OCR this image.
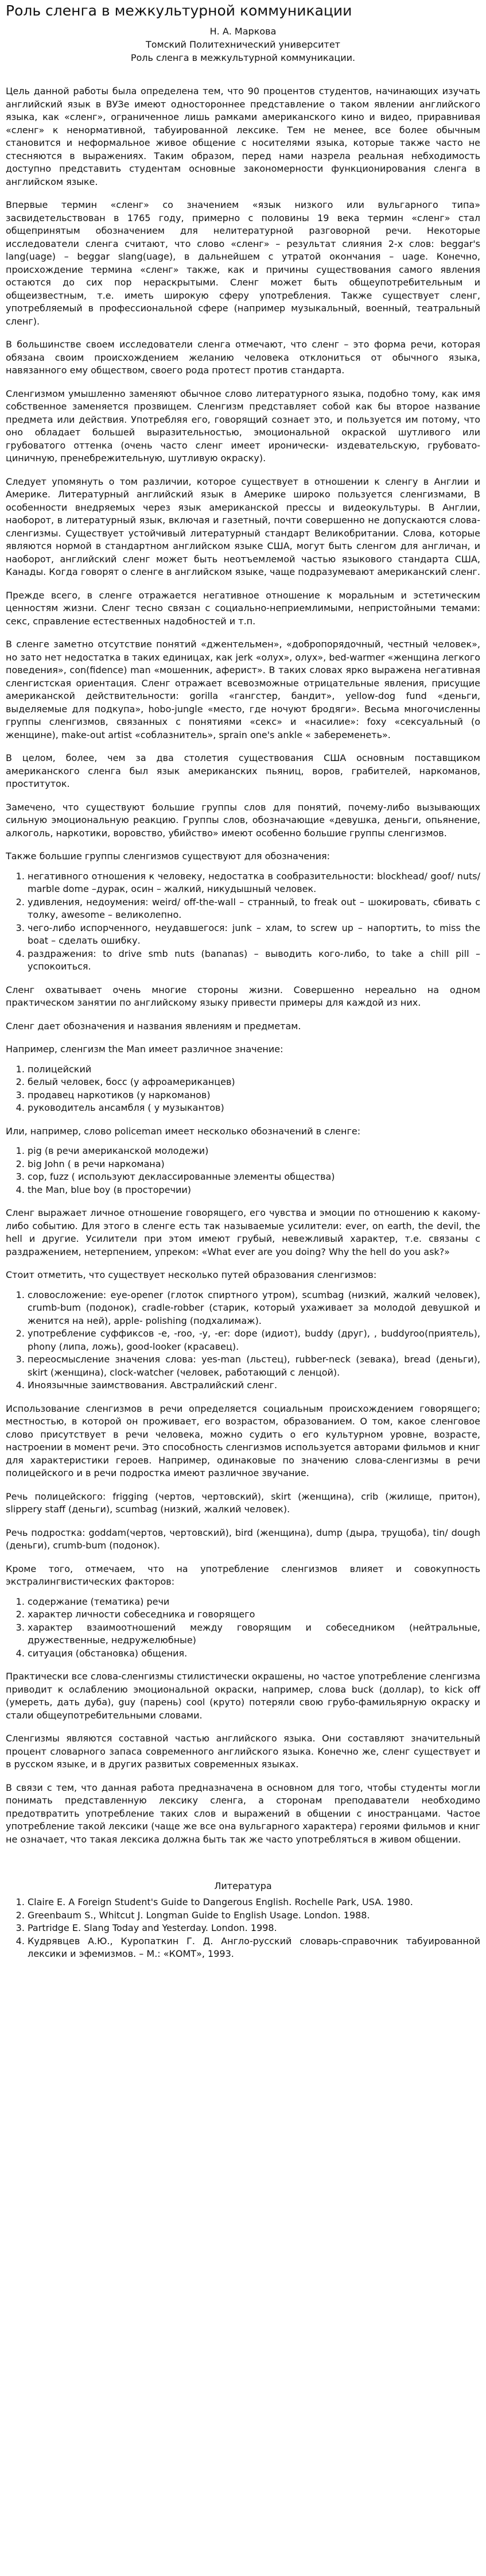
Роль сленга в межкультурной коммуникации
Н. А. Маркова
Томский Политехнический университет
Роль сленга в межкультурной коммуникации.

Цель данной работы была определена тем, что 90 процентов студентов, начинающих изучать английский язык в ВУЗе имеют одностороннее представление о таком явлении английского языка, как «сленг», ограниченное лишь рамками американского кино и видео, приравнивая «сленг» к ненормативной, табуированной лексике. Тем не менее, все более обычным становится и неформальное живое общение с носителями языка, которые также часто не стесняются в выражениях. Таким образом, перед нами назрела реальная небходимость доступно представить студентам основные закономерности функционирования сленга в английском языке.

Впервые термин «сленг» со значением «язык низкого или вульгарного типа» засвидетельствован в 1765 году, примерно с половины 19 века термин «сленг» стал общепринятым обозначением для нелитературной разговорной речи. Некоторые исследователи сленга считают, что слово «сленг» – результат слияния 2-х слов: beggar's lang(uage) – beggar slang(uage), в дальнейшем с утратой окончания – uage. Конечно, происхождение термина «сленг» также, как и причины существования самого явления остаются до сих пор нераскрытыми. Сленг может быть общеупотребительным и общеизвестным, т.е. иметь широкую сферу употребления. Также существует сленг, употребляемый в профессиональной сфере (например музыкальный, военный, театральный сленг).

В большинстве своем исследователи сленга отмечают, что сленг – это форма речи, которая обязана своим происхождением желанию человека отклониться от обычного языка, навязанного ему обществом, своего рода протест против стандарта.

Сленгизмом умышленно заменяют обычное слово литературного языка, подобно тому, как имя собственное заменяется прозвищем. Сленгизм представляет собой как бы второе название предмета или действия. Употребляя его, говорящий сознает это, и пользуется им потому, что оно обладает большей выразительностью, эмоциональной окраской шутливого или грубоватого оттенка (очень часто сленг имеет иронически- издевательскую, грубовато-циничную, пренебрежительную, шутливую окраску).

Следует упомянуть о том различии, которое существует в отношении к сленгу в Англии и Америке. Литературный английский язык в Америке широко пользуется сленгизмами, В особенности внедряемых через язык американской прессы и видеокультуры. В Англии, наоборот, в литературный язык, включая и газетный, почти совершенно не допускаются слова-сленгизмы. Существует устойчивый литературный стандарт Великобритании. Слова, которые являются нормой в стандартном английском языке США, могут быть сленгом для англичан, и наоборот, английский сленг может быть неотъемлемой частью языкового стандарта США, Канады. Когда говорят о сленге в английском языке, чаще подразумевают американский сленг.

Прежде всего, в сленге отражается негативное отношение к моральным и эстетическим ценностям жизни. Сленг тесно связан с социально-неприемлимыми, непристойными темами: секс, справление естественных надобностей и т.п.

В сленге заметно отсутствие понятий «джентельмен», «добропорядочный, честный человек», но зато нет недостатка в таких единицах, как jerk «олух», олух», bed-warmer «женщина легкого поведения», con(fidence) man «мошенник, аферист». В таких словах ярко выражена негативная сленгистская ориентация. Сленг отражает всевозможные отрицательные явления, присущие американской действительности: gorilla «гангстер, бандит», yellow-dog fund «деньги, выделяемые для подкупа», hobo-jungle «место, где ночуют бродяги». Весьма многочисленны группы сленгизмов, связанных с понятиями «секс» и «насилие»: foxy «сексуальный (о женщине), make-out artist «соблазнитель», sprain one's ankle « забеременеть».

В целом, более, чем за два столетия существования США основным поставщиком американского сленга был язык американских пьяниц, воров, грабителей, наркоманов, проституток.

Замечено, что существуют большие группы слов для понятий, почему-либо вызывающих сильную эмоциональную реакцию. Группы слов, обозначающие «девушка, деньги, опьянение, алкоголь, наркотики, воровство, убийство» имеют особенно большие группы сленгизмов.

Также большие группы сленгизмов существуют для обозначения:

1. негативного отношения к человеку, недостатка в сообразительности: blockhead/ goof/ nuts/ marble dome –дурак, осин – жалкий, никудышный человек.
2. удивления, недоумения: weird/ off-the-wall – странный, to freak out – шокировать, сбивать с толку, awesome – великолепно.
3. чего-либо испорченного, неудавшегося: junk – хлам, to screw up – напортить, to miss the boat – сделать ошибку.
4. раздражения: to drive smb nuts (bananas) – выводить кого-либо, to take a chill pill – успокоиться.

Сленг охватывает очень многие стороны жизни. Совершенно нереально на одном практическом занятии по английскому языку привести примеры для каждой из них.

Сленг дает обозначения и названия явлениям и предметам.

Например, сленгизм the Man имеет различное значение:

1. полицейский
2. белый человек, босс (у афроамериканцев)
3. продавец наркотиков (у наркоманов)
4. руководитель ансамбля ( у музыкантов)

Или, например, слово policeman имеет несколько обозначений в сленге:

1. pig (в речи американской молодежи)
2. big John ( в речи наркомана)
3. cop, fuzz ( используют деклассированные элементы общества)
4. the Man, blue boy (в просторечии)

Сленг выражает личное отношение говорящего, его чувства и эмоции по отношению к какому-либо событию. Для этого в сленге есть так называемые усилители: ever, on earth, the devil, the hell и другие. Усилители при этом имеют грубый, невежливый характер, т.е. связаны с раздражением, нетерпением, упреком: «What ever are you doing? Why the hell do you ask?»

Стоит отметить, что существует несколько путей образования сленгизмов:

1. словосложение: eye-opener (глоток спиртного утром), scumbag (низкий, жалкий человек), crumb-bum (подонок), cradle-robber (старик, который ухаживает за молодой девушкой и женится на ней), apple- polishing (подхалимаж).
2. употребление суффиксов -e, -roo, -y, -er: dope (идиот), buddy (друг), , buddyroo(приятель), phony (липа, ложь), good-looker (красавец).
3. переосмысление значения слова: yes-man (льстец), rubber-neck (зевака), bread (деньги), skirt (женщина), clock-watcher (человек, работающий с ленцой).
4. Иноязычные заимствования. Австралийский сленг.

Использование сленгизмов в речи определяется социальным происхождением говорящего; местностью, в которой он проживает, его возрастом, образованием. О том, какое сленговое слово присутствует в речи человека, можно судить о его культурном уровне, возрасте, настроении в момент речи. Это способность сленгизмов используется авторами фильмов и книг для характеристики героев. Например, одинаковые по значению слова-сленгизмы в речи полицейского и в речи подростка имеют различное звучание.

Речь полицейского: frigging (чертов, чертовский), skirt (женщина), crib (жилище, притон), slippery staff (деньги), scumbag (низкий, жалкий человек).

Речь подростка: goddam(чертов, чертовский), bird (женщина), dump (дыра, трущоба), tin/ dough (деньги), crumb-bum (подонок).

Кроме того, отмечаем, что на употребление сленгизмов влияет и совокупность экстралингвистических факторов:

1. содержание (тематика) речи
2. характер личности собеседника и говорящего
3. характер взаимоотношений между говорящим и собеседником (нейтральные, дружественные, недружелюбные)
4. ситуация (обстановка) общения.

Практически все слова-сленгизмы стилистически окрашены, но частое употребление сленгизма приводит к ослаблению эмоциональной окраски, например, слова buck (доллар), to kick off (умереть, дать дуба), guy (парень) cool (круто) потеряли свою грубо-фамильярную окраску и стали общеупотребительными словами.

Сленгизмы являются составной частью английского языка. Они составляют значительный процент словарного запаса современного английского языка. Конечно же, сленг существует и в русском языке, и в других развитых современных языках.

В связи с тем, что данная работа предназначена в основном для того, чтобы студенты могли понимать представленную лексику сленга, а сторонам преподаватели необходимо предотвратить употребление таких слов и выражений в общении с иностранцами. Частое употребление такой лексики (чаще же все она вульгарного характера) героями фильмов и книг не означает, что такая лексика должна быть так же часто употребляться в живом общении.

Литература
1. Claire E. A Foreign Student's Guide to Dangerous English. Rochelle Park, USA. 1980.
2. Greenbaum S., Whitcut J. Longman Guide to English Usage. London. 1988.
3. Partridge E. Slang Today and Yesterday. London. 1998.
4. Кудрявцев А.Ю., Куропаткин Г. Д. Англо-русский словарь-справочник табуированной лексики и эфемизмов. – М.: «КОМТ», 1993.
